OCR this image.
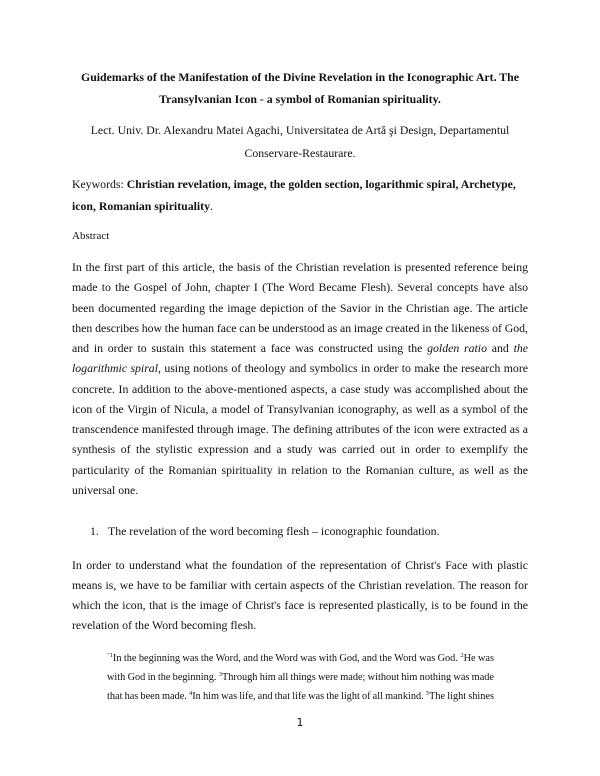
Guidemarks of the Manifestation of the Divine Revelation in the Iconographic Art. The
Transylvanian Icon - a symbol of Romanian spirituality.
Lect. Univ. Dr. Alexandru Matei Agachi, Universitatea de Artă şi Design, Departamentul
Conservare-Restaurare.
Keywords: Christian revelation, image, the golden section, logarithmic spiral, Archetype,
icon, Romanian spirituality.
Abstract
In the first part of this article, the basis of the Christian revelation is presented reference being
made to the Gospel of John, chapter I (The Word Became Flesh). Several concepts have also
been documented regarding the image depiction of the Savior in the Christian age. The article
then describes how the human face can be understood as an image created in the likeness of God,
and in order to sustain this statement a face was constructed using the golden ratio and the
logarithmic spiral, using notions of theology and symbolics in order to make the research more
concrete. In addition to the above-mentioned aspects, a case study was accomplished about the
icon of the Virgin of Nicula, a model of Transylvanian iconography, as well as a symbol of the
transcendence manifested through image. The defining attributes of the icon were extracted as a
synthesis of the stylistic expression and a study was carried out in order to exemplify the
particularity of the Romanian spirituality in relation to the Romanian culture, as well as the
universal one.
1. The revelation of the word becoming flesh – iconographic foundation.
In order to understand what the foundation of the representation of Christ's Face with plastic
means is, we have to be familiar with certain aspects of the Christian revelation. The reason for
which the icon, that is the image of Christ's face is represented plastically, is to be found in the
revelation of the Word becoming flesh.
$^{"1}$In the beginning was the Word, and the Word was with God, and the Word was God. $^2$He was
with God in the beginning. $^3$Through him all things were made; without him nothing was made
that has been made. $^4$In him was life, and that life was the light of all mankind. $^5$The light shines
1
